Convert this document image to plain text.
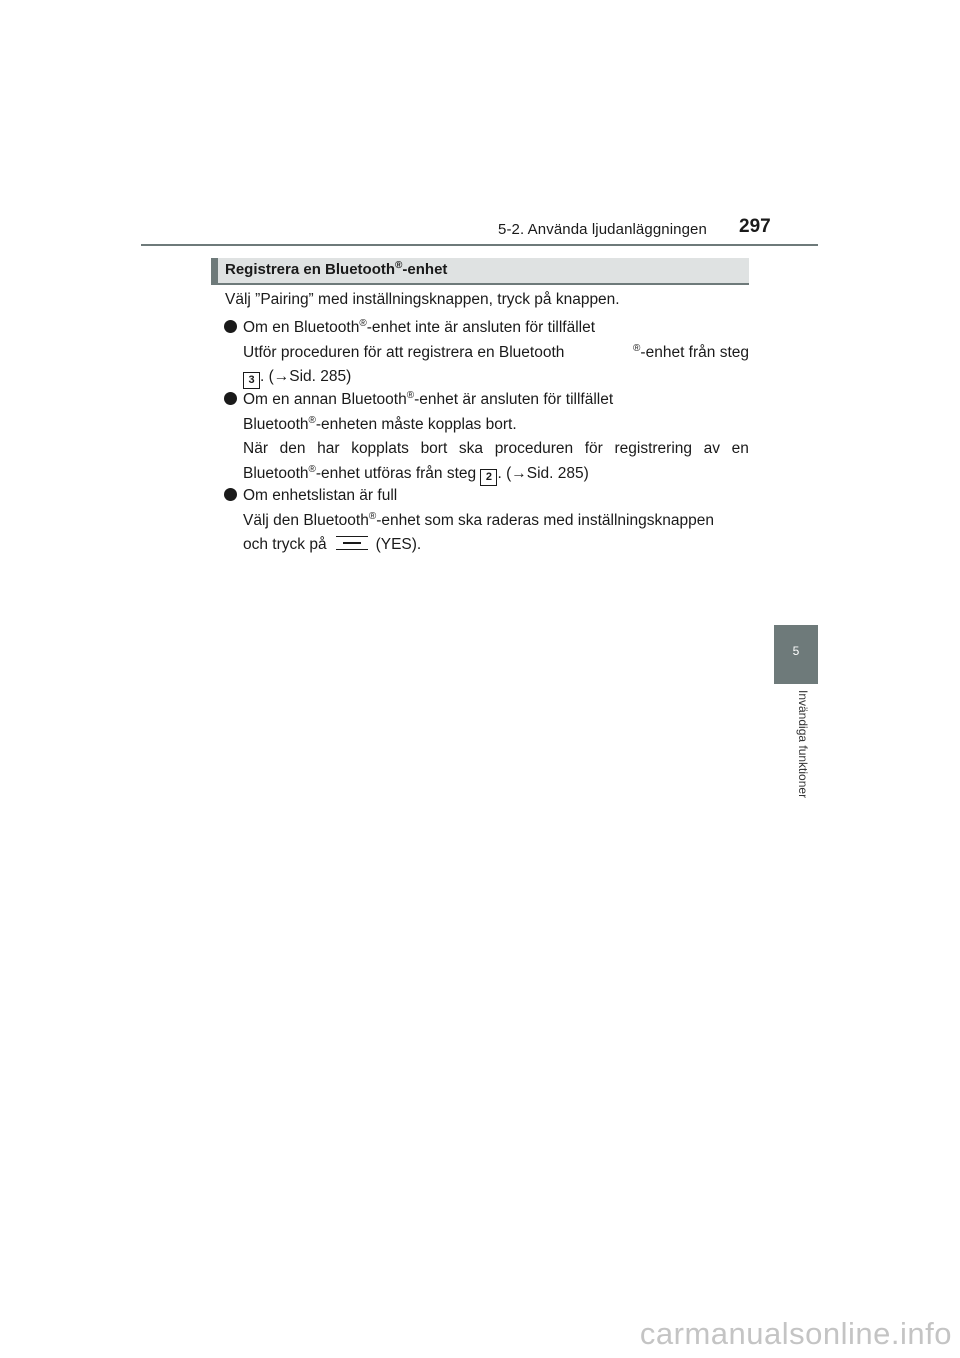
5-2. Använda ljudanläggningen 297
Registrera en Bluetooth®-enhet
Välj ”Pairing” med inställningsknappen, tryck på knappen.
Om en Bluetooth®-enhet inte är ansluten för tillfället
Utför proceduren för att registrera en Bluetooth	®-enhet från steg
3 . (→Sid. 285)
Om en annan Bluetooth®-enhet är ansluten för tillfället
Bluetooth®-enheten måste kopplas bort.
När den har kopplats bort ska proceduren för registrering av en
Bluetooth®-enhet utföras från steg 2 . (→Sid. 285)
Om enhetslistan är full
Välj den Bluetooth®-enhet som ska raderas med inställningsknappen
och tryck på	(YES).
5
Invändiga funktioner
carmanualsonline.info
